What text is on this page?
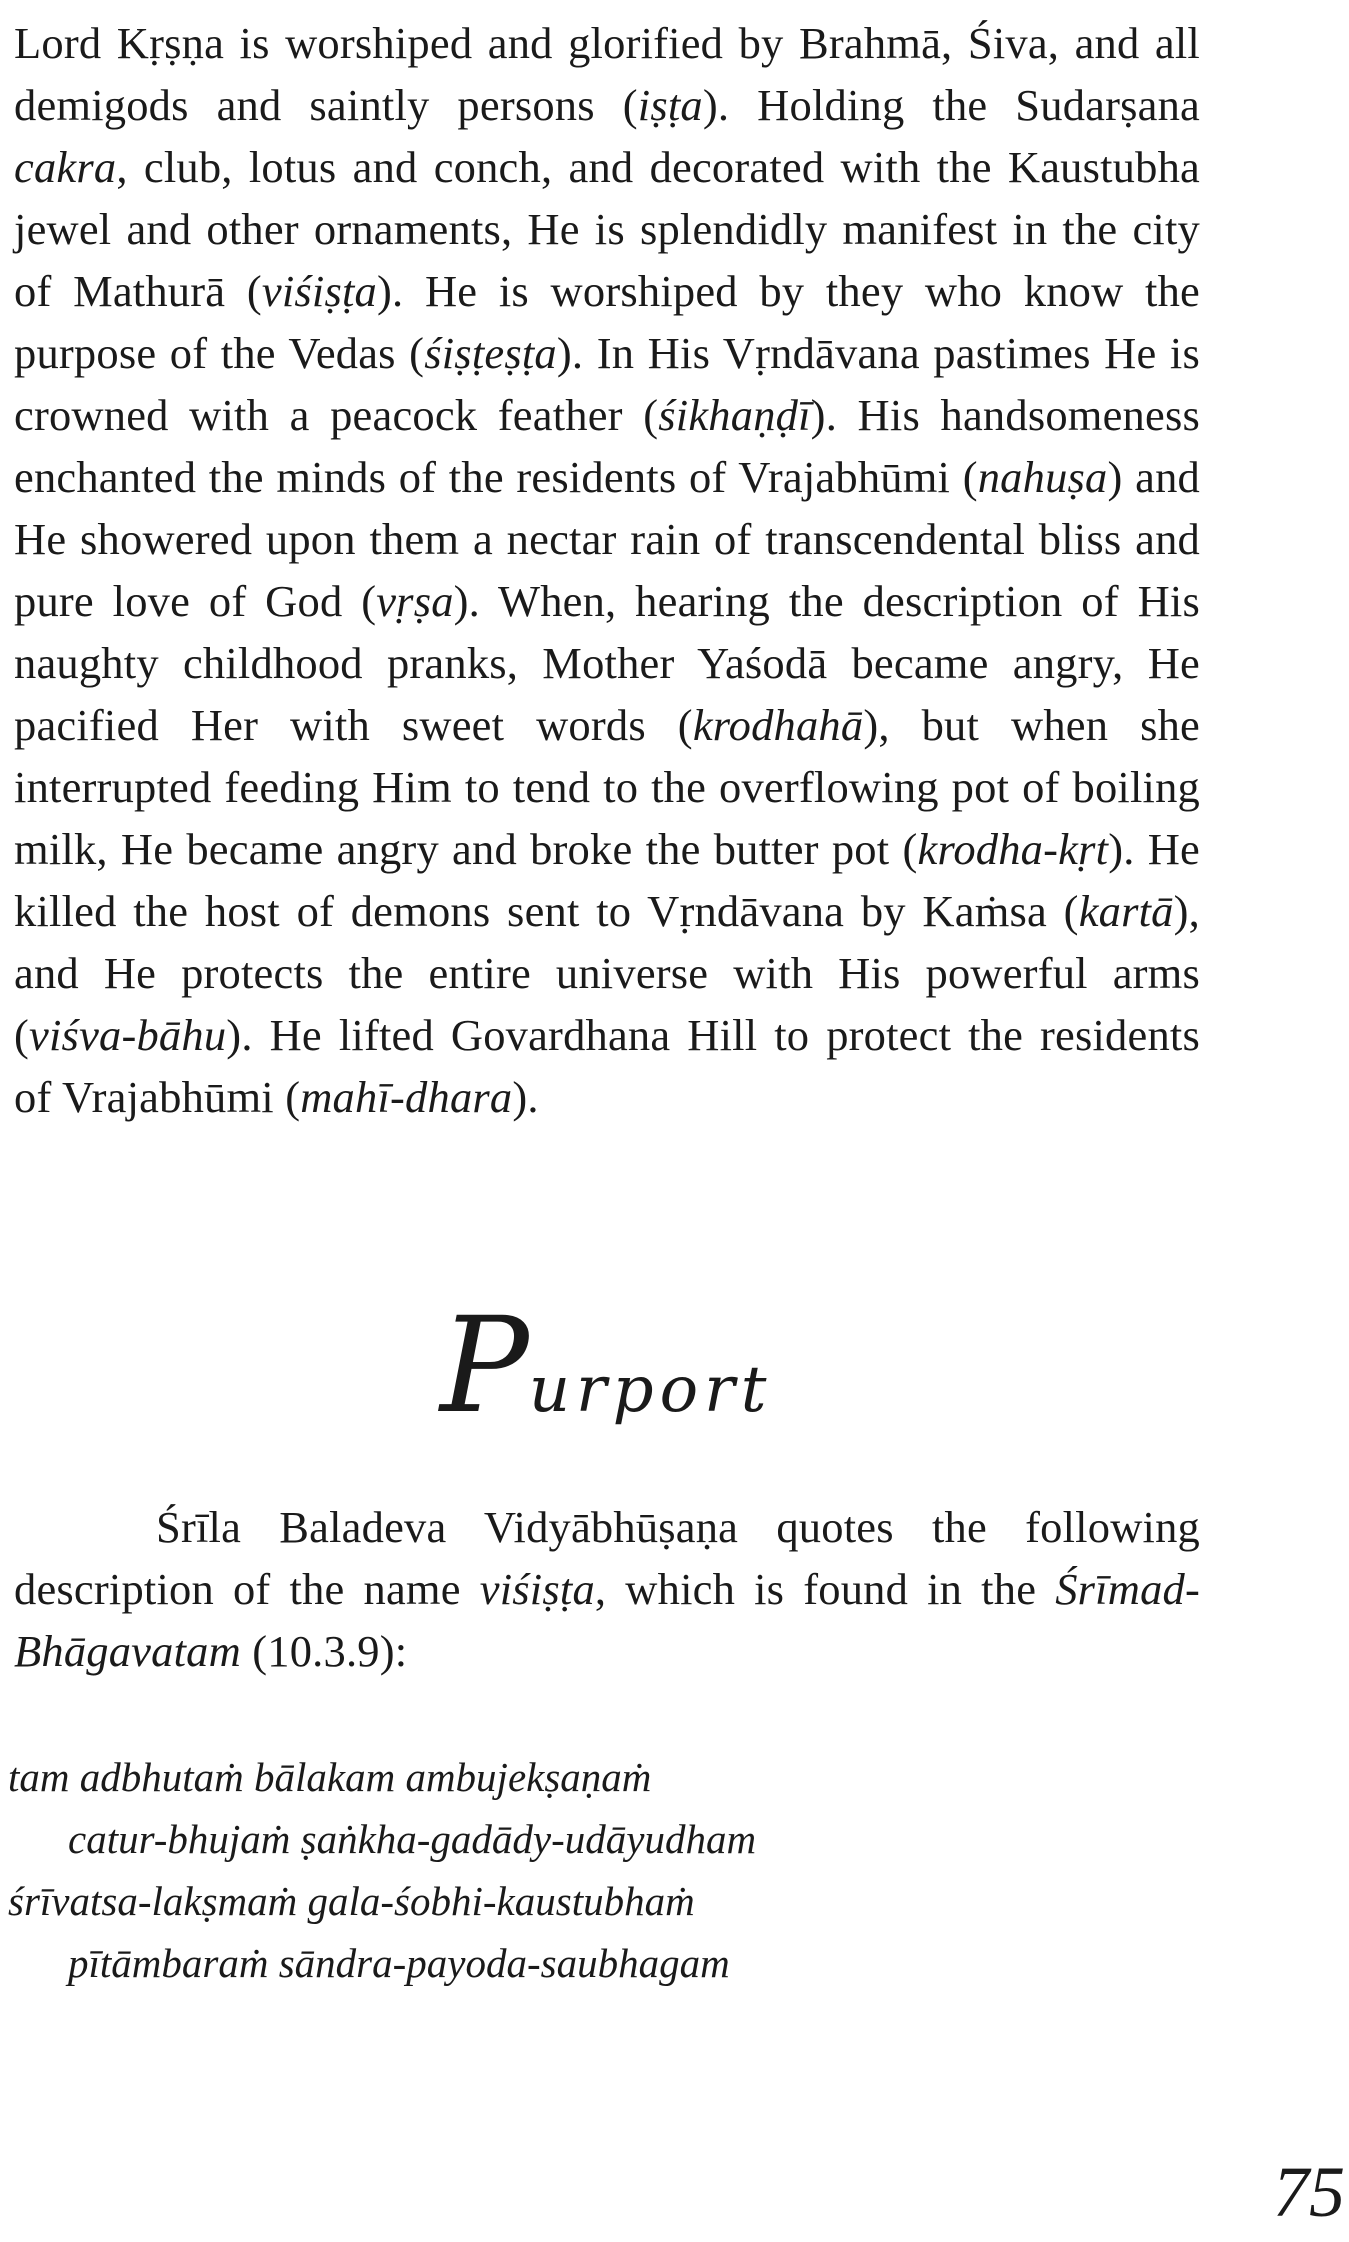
Lord Kṛṣṇa is worshiped and glorified by Brahmā, Śiva, and all demigods and saintly persons (iṣṭa). Holding the Sudarṣana cakra, club, lotus and conch, and decorated with the Kaustubha jewel and other ornaments, He is splendidly manifest in the city of Mathurā (viśiṣṭa). He is worshiped by they who know the purpose of the Vedas (śiṣṭeṣṭa). In His Vṛndāvana pastimes He is crowned with a peacock feather (śikhaṇḍī). His handsomeness enchanted the minds of the residents of Vrajabhūmi (nahuṣa) and He showered upon them a nectar rain of transcendental bliss and pure love of God (vṛṣa). When, hearing the description of His naughty childhood pranks, Mother Yaśodā became angry, He pacified Her with sweet words (krodhahā), but when she interrupted feeding Him to tend to the overflowing pot of boiling milk, He became angry and broke the butter pot (krodha-kṛt). He killed the host of demons sent to Vṛndāvana by Kaṁsa (kartā), and He protects the entire universe with His powerful arms (viśva-bāhu). He lifted Govardhana Hill to protect the residents of Vrajabhūmi (mahī-dhara).

Purport

Śrīla Baladeva Vidyābhūṣaṇa quotes the following description of the name viśiṣṭa, which is found in the Śrīmad-Bhāgavatam (10.3.9):

tam adbhutaṁ bālakam ambujekṣaṇaṁ
catur-bhujaṁ ṣaṅkha-gadādy-udāyudham
śrīvatsa-lakṣmaṁ gala-śobhi-kaustubhaṁ
pītāmbaraṁ sāndra-payoda-saubhagam

75
